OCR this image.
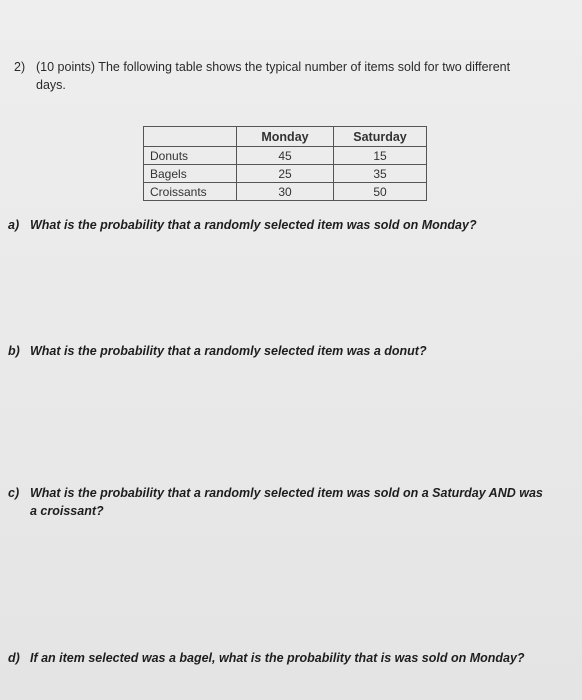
2) (10 points) The following table shows the typical number of items sold for two different
days.
	Monday	Saturday
Donuts	45	15
Bagels	25	35
Croissants	30	50
a) What is the probability that a randomly selected item was sold on Monday?
b) What is the probability that a randomly selected item was a donut?
c) What is the probability that a randomly selected item was sold on a Saturday AND was
a croissant?
d) If an item selected was a bagel, what is the probability that is was sold on Monday?
